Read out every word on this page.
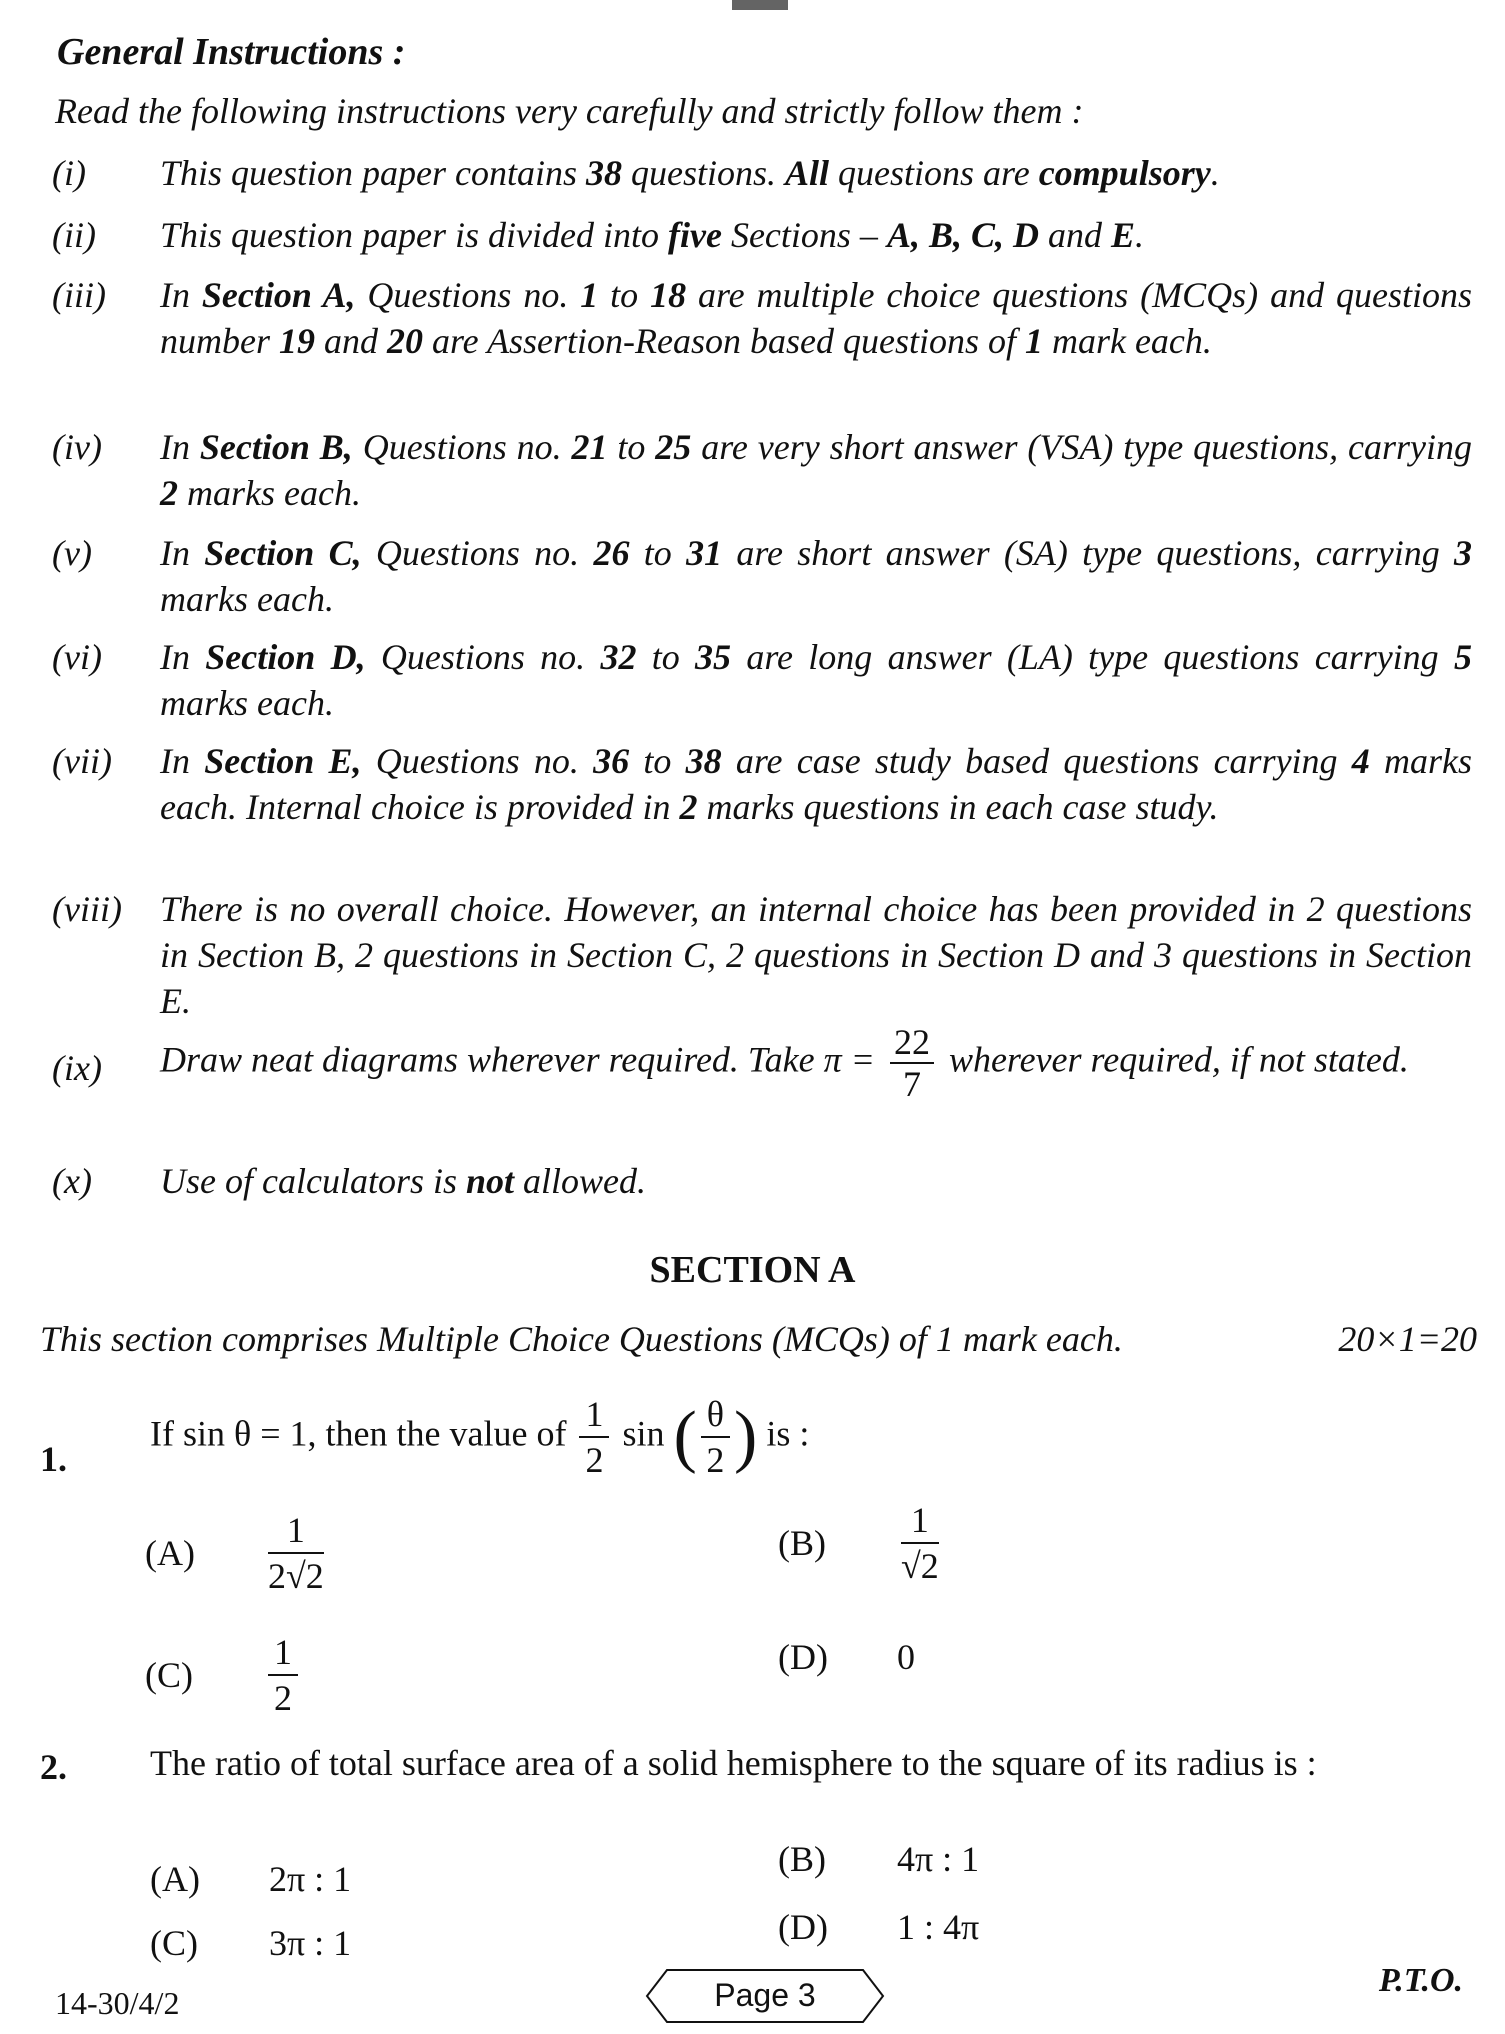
General Instructions :
Read the following instructions very carefully and strictly follow them :
(i)	This question paper contains 38 questions. All questions are compulsory.
(ii)	This question paper is divided into five Sections – A, B, C, D and E.
(iii)	In Section A, Questions no. 1 to 18 are multiple choice questions (MCQs) and questions number 19 and 20 are Assertion-Reason based questions of 1 mark each.
(iv)	In Section B, Questions no. 21 to 25 are very short answer (VSA) type questions, carrying 2 marks each.
(v)	In Section C, Questions no. 26 to 31 are short answer (SA) type questions, carrying 3 marks each.
(vi)	In Section D, Questions no. 32 to 35 are long answer (LA) type questions carrying 5 marks each.
(vii)	In Section E, Questions no. 36 to 38 are case study based questions carrying 4 marks each. Internal choice is provided in 2 marks questions in each case study.
(viii)	There is no overall choice. However, an internal choice has been provided in 2 questions in Section B, 2 questions in Section C, 2 questions in Section D and 3 questions in Section E.
(ix)	Draw neat diagrams wherever required. Take $\pi = \frac{22}{7}$ wherever required, if not stated.
(x)	Use of calculators is not allowed.
SECTION A
This section comprises Multiple Choice Questions (MCQs) of 1 mark each.	20×1=20
1.
If sin θ = 1, then the value of $\frac{1}{2}$ sin ( $\frac{\theta}{2}$ ) is :
$(A) \frac{1}{2√2}$	$(B) \frac{1}{√2}$
$(C) \frac{1}{2}$	(D) 0
2. The ratio of total surface area of a solid hemisphere to the square of its radius is :
(A) 2π : 1	(B) 4π : 1
(C) 3π : 1	(D) 1 : 4π
14-30/4/2	Page 3	P.T.O.
